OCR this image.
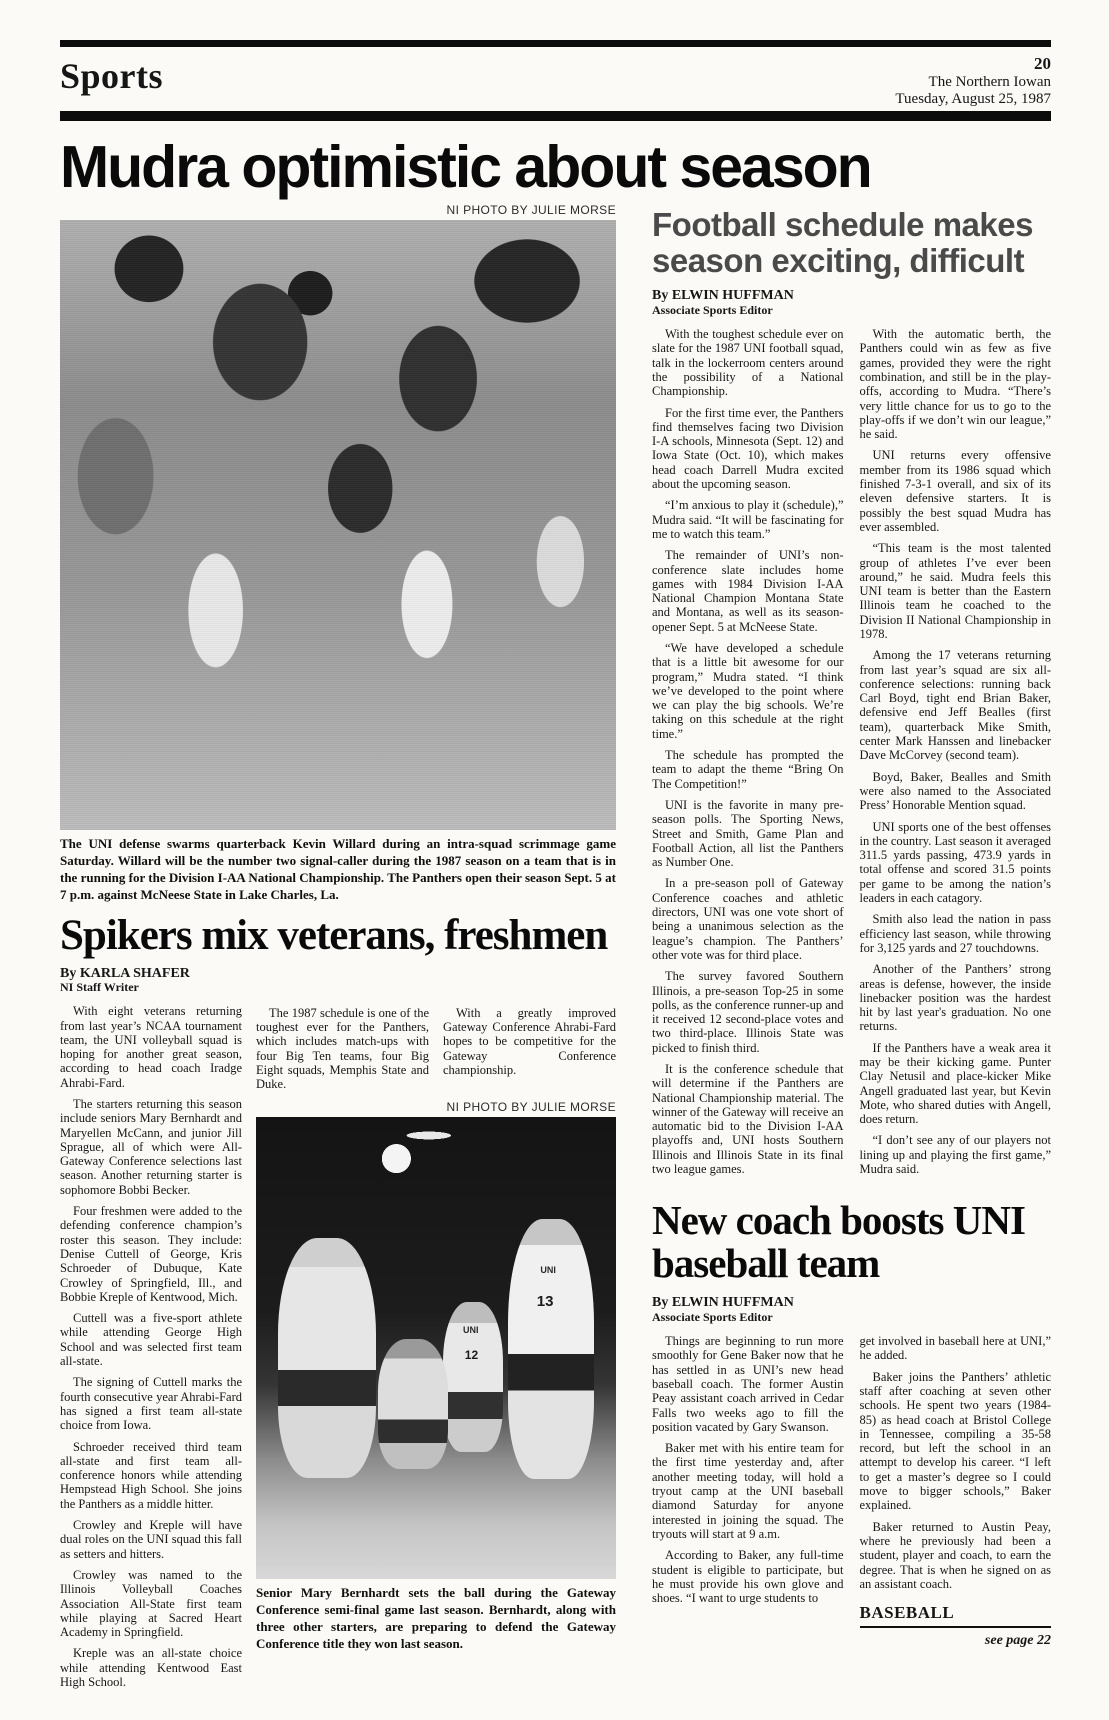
Sports	20
The Northern Iowan
Tuesday, August 25, 1987
Mudra optimistic about season
NI PHOTO BY JULIE MORSE
The UNI defense swarms quarterback Kevin Willard during an intra-squad scrimmage game Saturday. Willard will be the number two signal-caller during the 1987 season on a team that is in the running for the Division I-AA National Championship. The Panthers open their season Sept. 5 at 7 p.m. against McNeese State in Lake Charles, La.
Spikers mix veterans, freshmen
By KARLA SHAFER
NI Staff Writer

With eight veterans returning from last year’s NCAA tournament team, the UNI volleyball squad is hoping for another great season, according to head coach Iradge Ahrabi-Fard.

The starters returning this season include seniors Mary Bernhardt and Maryellen McCann, and junior Jill Sprague, all of which were All-Gateway Conference selections last season. Another returning starter is sophomore Bobbi Becker.

Four freshmen were added to the defending conference champion’s roster this season. They include: Denise Cuttell of George, Kris Schroeder of Dubuque, Kate Crowley of Springfield, Ill., and Bobbie Kreple of Kentwood, Mich.

Cuttell was a five-sport athlete while attending George High School and was selected first team all-state.

The signing of Cuttell marks the fourth consecutive year Ahrabi-Fard has signed a first team all-state choice from Iowa.

Schroeder received third team all-state and first team all-conference honors while attending Hempstead High School. She joins the Panthers as a middle hitter.

Crowley and Kreple will have dual roles on the UNI squad this fall as setters and hitters.

Crowley was named to the Illinois Volleyball Coaches Association All-State first team while playing at Sacred Heart Academy in Springfield.

Kreple was an all-state choice while attending Kentwood East High School.

The 1987 schedule is one of the toughest ever for the Panthers, which includes match-ups with four Big Ten teams, four Big Eight squads, Memphis State and Duke.

With a greatly improved Gateway Conference Ahrabi-Fard hopes to be competitive for the Gateway Conference championship.

NI PHOTO BY JULIE MORSE
UNI
UNI
13
12
Senior Mary Bernhardt sets the ball during the Gateway Conference semi-final game last season. Bernhardt, along with three other starters, are preparing to defend the Gateway Conference title they won last season.
Football schedule makes season exciting, difficult
By ELWIN HUFFMAN
Associate Sports Editor

With the toughest schedule ever on slate for the 1987 UNI football squad, talk in the lockerroom centers around the possibility of a National Championship.

For the first time ever, the Panthers find themselves facing two Division I-A schools, Minnesota (Sept. 12) and Iowa State (Oct. 10), which makes head coach Darrell Mudra excited about the upcoming season.

“I’m anxious to play it (schedule),” Mudra said. “It will be fascinating for me to watch this team.”

The remainder of UNI’s non-conference slate includes home games with 1984 Division I-AA National Champion Montana State and Montana, as well as its season-opener Sept. 5 at McNeese State.

“We have developed a schedule that is a little bit awesome for our program,” Mudra stated. “I think we’ve developed to the point where we can play the big schools. We’re taking on this schedule at the right time.”

The schedule has prompted the team to adapt the theme “Bring On The Competition!”

UNI is the favorite in many pre-season polls. The Sporting News, Street and Smith, Game Plan and Football Action, all list the Panthers as Number One.

In a pre-season poll of Gateway Conference coaches and athletic directors, UNI was one vote short of being a unanimous selection as the league’s champion. The Panthers’ other vote was for third place.

The survey favored Southern Illinois, a pre-season Top-25 in some polls, as the conference runner-up and it received 12 second-place votes and two third-place. Illinois State was picked to finish third.

It is the conference schedule that will determine if the Panthers are National Championship material. The winner of the Gateway will receive an automatic bid to the Division I-AA playoffs and, UNI hosts Southern Illinois and Illinois State in its final two league games.

With the automatic berth, the Panthers could win as few as five games, provided they were the right combination, and still be in the play-offs, according to Mudra. “There’s very little chance for us to go to the play-offs if we don’t win our league,” he said.

UNI returns every offensive member from its 1986 squad which finished 7-3-1 overall, and six of its eleven defensive starters. It is possibly the best squad Mudra has ever assembled.

“This team is the most talented group of athletes I’ve ever been around,” he said. Mudra feels this UNI team is better than the Eastern Illinois team he coached to the Division II National Championship in 1978.

Among the 17 veterans returning from last year’s squad are six all-conference selections: running back Carl Boyd, tight end Brian Baker, defensive end Jeff Bealles (first team), quarterback Mike Smith, center Mark Hanssen and linebacker Dave McCorvey (second team).

Boyd, Baker, Bealles and Smith were also named to the Associated Press’ Honorable Mention squad.

UNI sports one of the best offenses in the country. Last season it averaged 311.5 yards passing, 473.9 yards in total offense and scored 31.5 points per game to be among the nation’s leaders in each catagory.

Smith also lead the nation in pass efficiency last season, while throwing for 3,125 yards and 27 touchdowns.

Another of the Panthers’ strong areas is defense, however, the inside linebacker position was the hardest hit by last year's graduation. No one returns.

If the Panthers have a weak area it may be their kicking game. Punter Clay Netusil and place-kicker Mike Angell graduated last year, but Kevin Mote, who shared duties with Angell, does return.

“I don’t see any of our players not lining up and playing the first game,” Mudra said.

New coach boosts UNI baseball team
By ELWIN HUFFMAN
Associate Sports Editor

Things are beginning to run more smoothly for Gene Baker now that he has settled in as UNI’s new head baseball coach. The former Austin Peay assistant coach arrived in Cedar Falls two weeks ago to fill the position vacated by Gary Swanson.

Baker met with his entire team for the first time yesterday and, after another meeting today, will hold a tryout camp at the UNI baseball diamond Saturday for anyone interested in joining the squad. The tryouts will start at 9 a.m.

According to Baker, any full-time student is eligible to participate, but he must provide his own glove and shoes. “I want to urge students to

get involved in baseball here at UNI,” he added.

Baker joins the Panthers’ athletic staff after coaching at seven other schools. He spent two years (1984-85) as head coach at Bristol College in Tennessee, compiling a 35-58 record, but left the school in an attempt to develop his career. “I left to get a master’s degree so I could move to bigger schools,” Baker explained.

Baker returned to Austin Peay, where he previously had been a student, player and coach, to earn the degree. That is when he signed on as an assistant coach.

BASEBALL
see page 22
